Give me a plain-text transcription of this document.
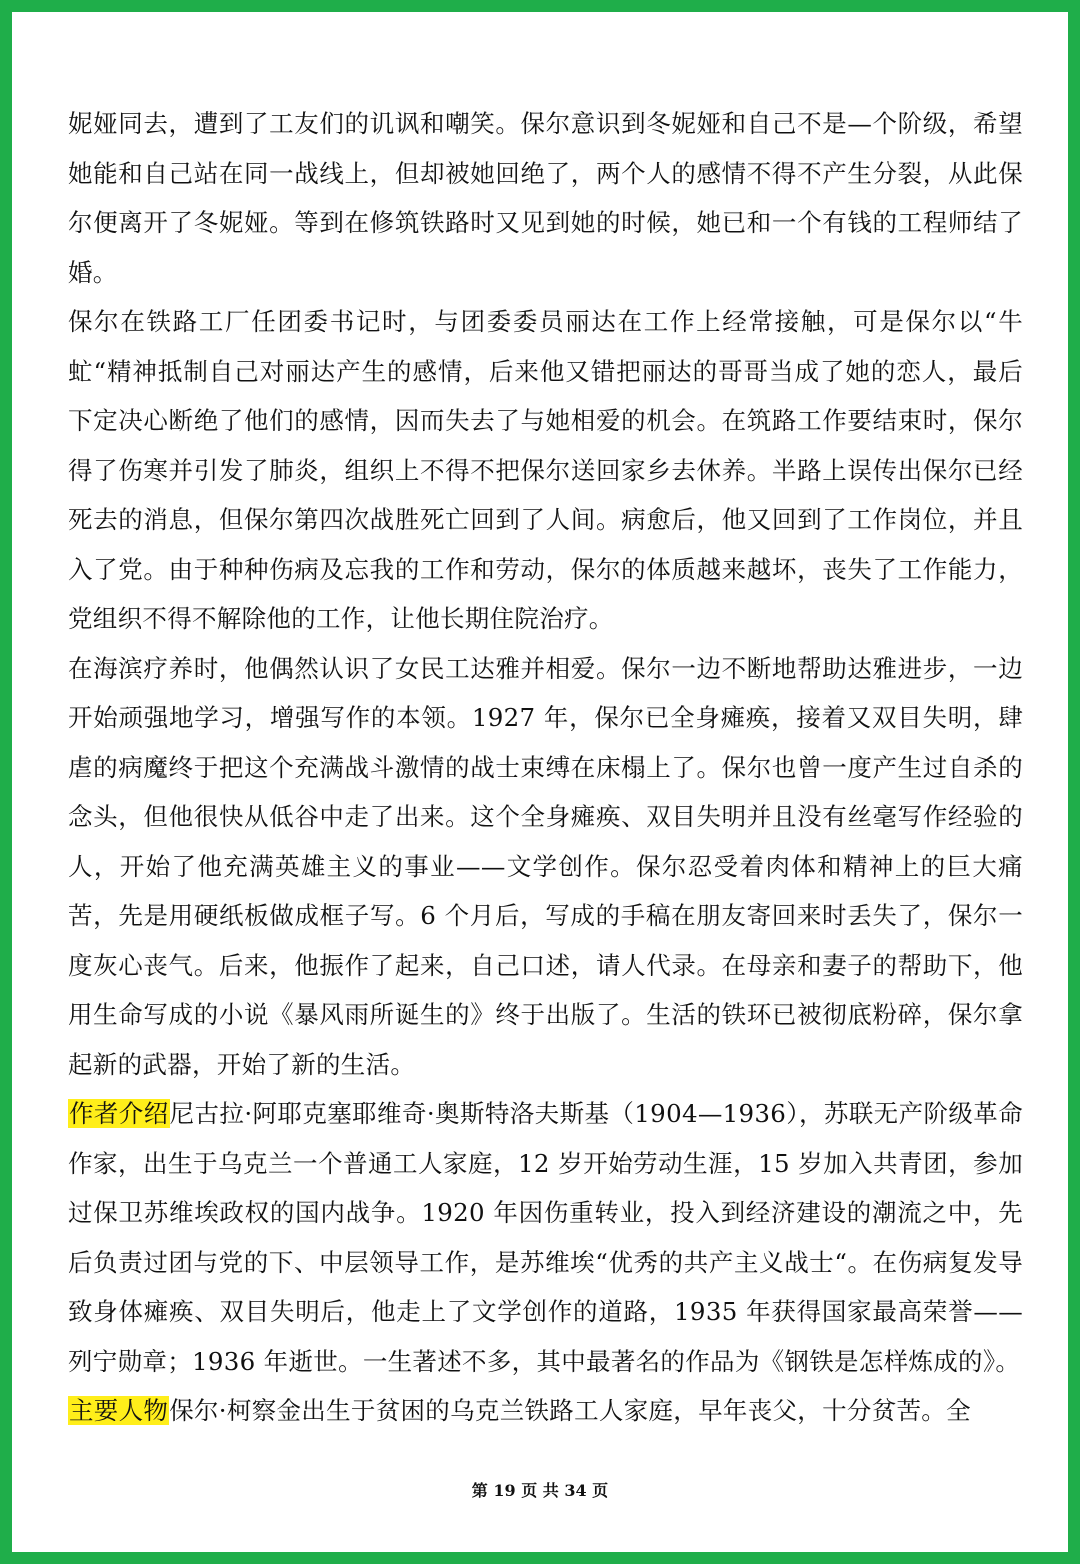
妮娅同去，遭到了工友们的讥讽和嘲笑。保尔意识到冬妮娅和自己不是—个阶级，希望她能和自己站在同一战线上，但却被她回绝了，两个人的感情不得不产生分裂，从此保尔便离开了冬妮娅。等到在修筑铁路时又见到她的时候，她已和一个有钱的工程师结了婚。

保尔在铁路工厂任团委书记时，与团委委员丽达在工作上经常接触，可是保尔以“牛虻“精神抵制自己对丽达产生的感情，后来他又错把丽达的哥哥当成了她的恋人，最后下定决心断绝了他们的感情，因而失去了与她相爱的机会。在筑路工作要结束时，保尔得了伤寒并引发了肺炎，组织上不得不把保尔送回家乡去休养。半路上误传出保尔已经死去的消息，但保尔第四次战胜死亡回到了人间。病愈后，他又回到了工作岗位，并且入了党。由于种种伤病及忘我的工作和劳动，保尔的体质越来越坏，丧失了工作能力，党组织不得不解除他的工作，让他长期住院治疗。

在海滨疗养时，他偶然认识了女民工达雅并相爱。保尔一边不断地帮助达雅进步，一边开始顽强地学习，增强写作的本领。1927 年，保尔已全身瘫痪，接着又双目失明，肆虐的病魔终于把这个充满战斗激情的战士束缚在床榻上了。保尔也曾一度产生过自杀的念头，但他很快从低谷中走了出来。这个全身瘫痪、双目失明并且没有丝毫写作经验的人，开始了他充满英雄主义的事业——文学创作。保尔忍受着肉体和精神上的巨大痛苦，先是用硬纸板做成框子写。6 个月后，写成的手稿在朋友寄回来时丢失了，保尔一度灰心丧气。后来，他振作了起来，自己口述，请人代录。在母亲和妻子的帮助下，他用生命写成的小说《暴风雨所诞生的》终于出版了。生活的铁环已被彻底粉碎，保尔拿起新的武器，开始了新的生活。

作者介绍尼古拉·阿耶克塞耶维奇·奥斯特洛夫斯基（1904—1936），苏联无产阶级革命作家，出生于乌克兰一个普通工人家庭，12 岁开始劳动生涯，15 岁加入共青团，参加过保卫苏维埃政权的国内战争。1920 年因伤重转业，投入到经济建设的潮流之中，先后负责过团与党的下、中层领导工作，是苏维埃“优秀的共产主义战士“。在伤病复发导致身体瘫痪、双目失明后，他走上了文学创作的道路，1935 年获得国家最高荣誉——列宁勋章；1936 年逝世。一生著述不多，其中最著名的作品为《钢铁是怎样炼成的》。

主要人物保尔·柯察金出生于贫困的乌克兰铁路工人家庭，早年丧父，十分贫苦。全

第 19 页 共 34 页
